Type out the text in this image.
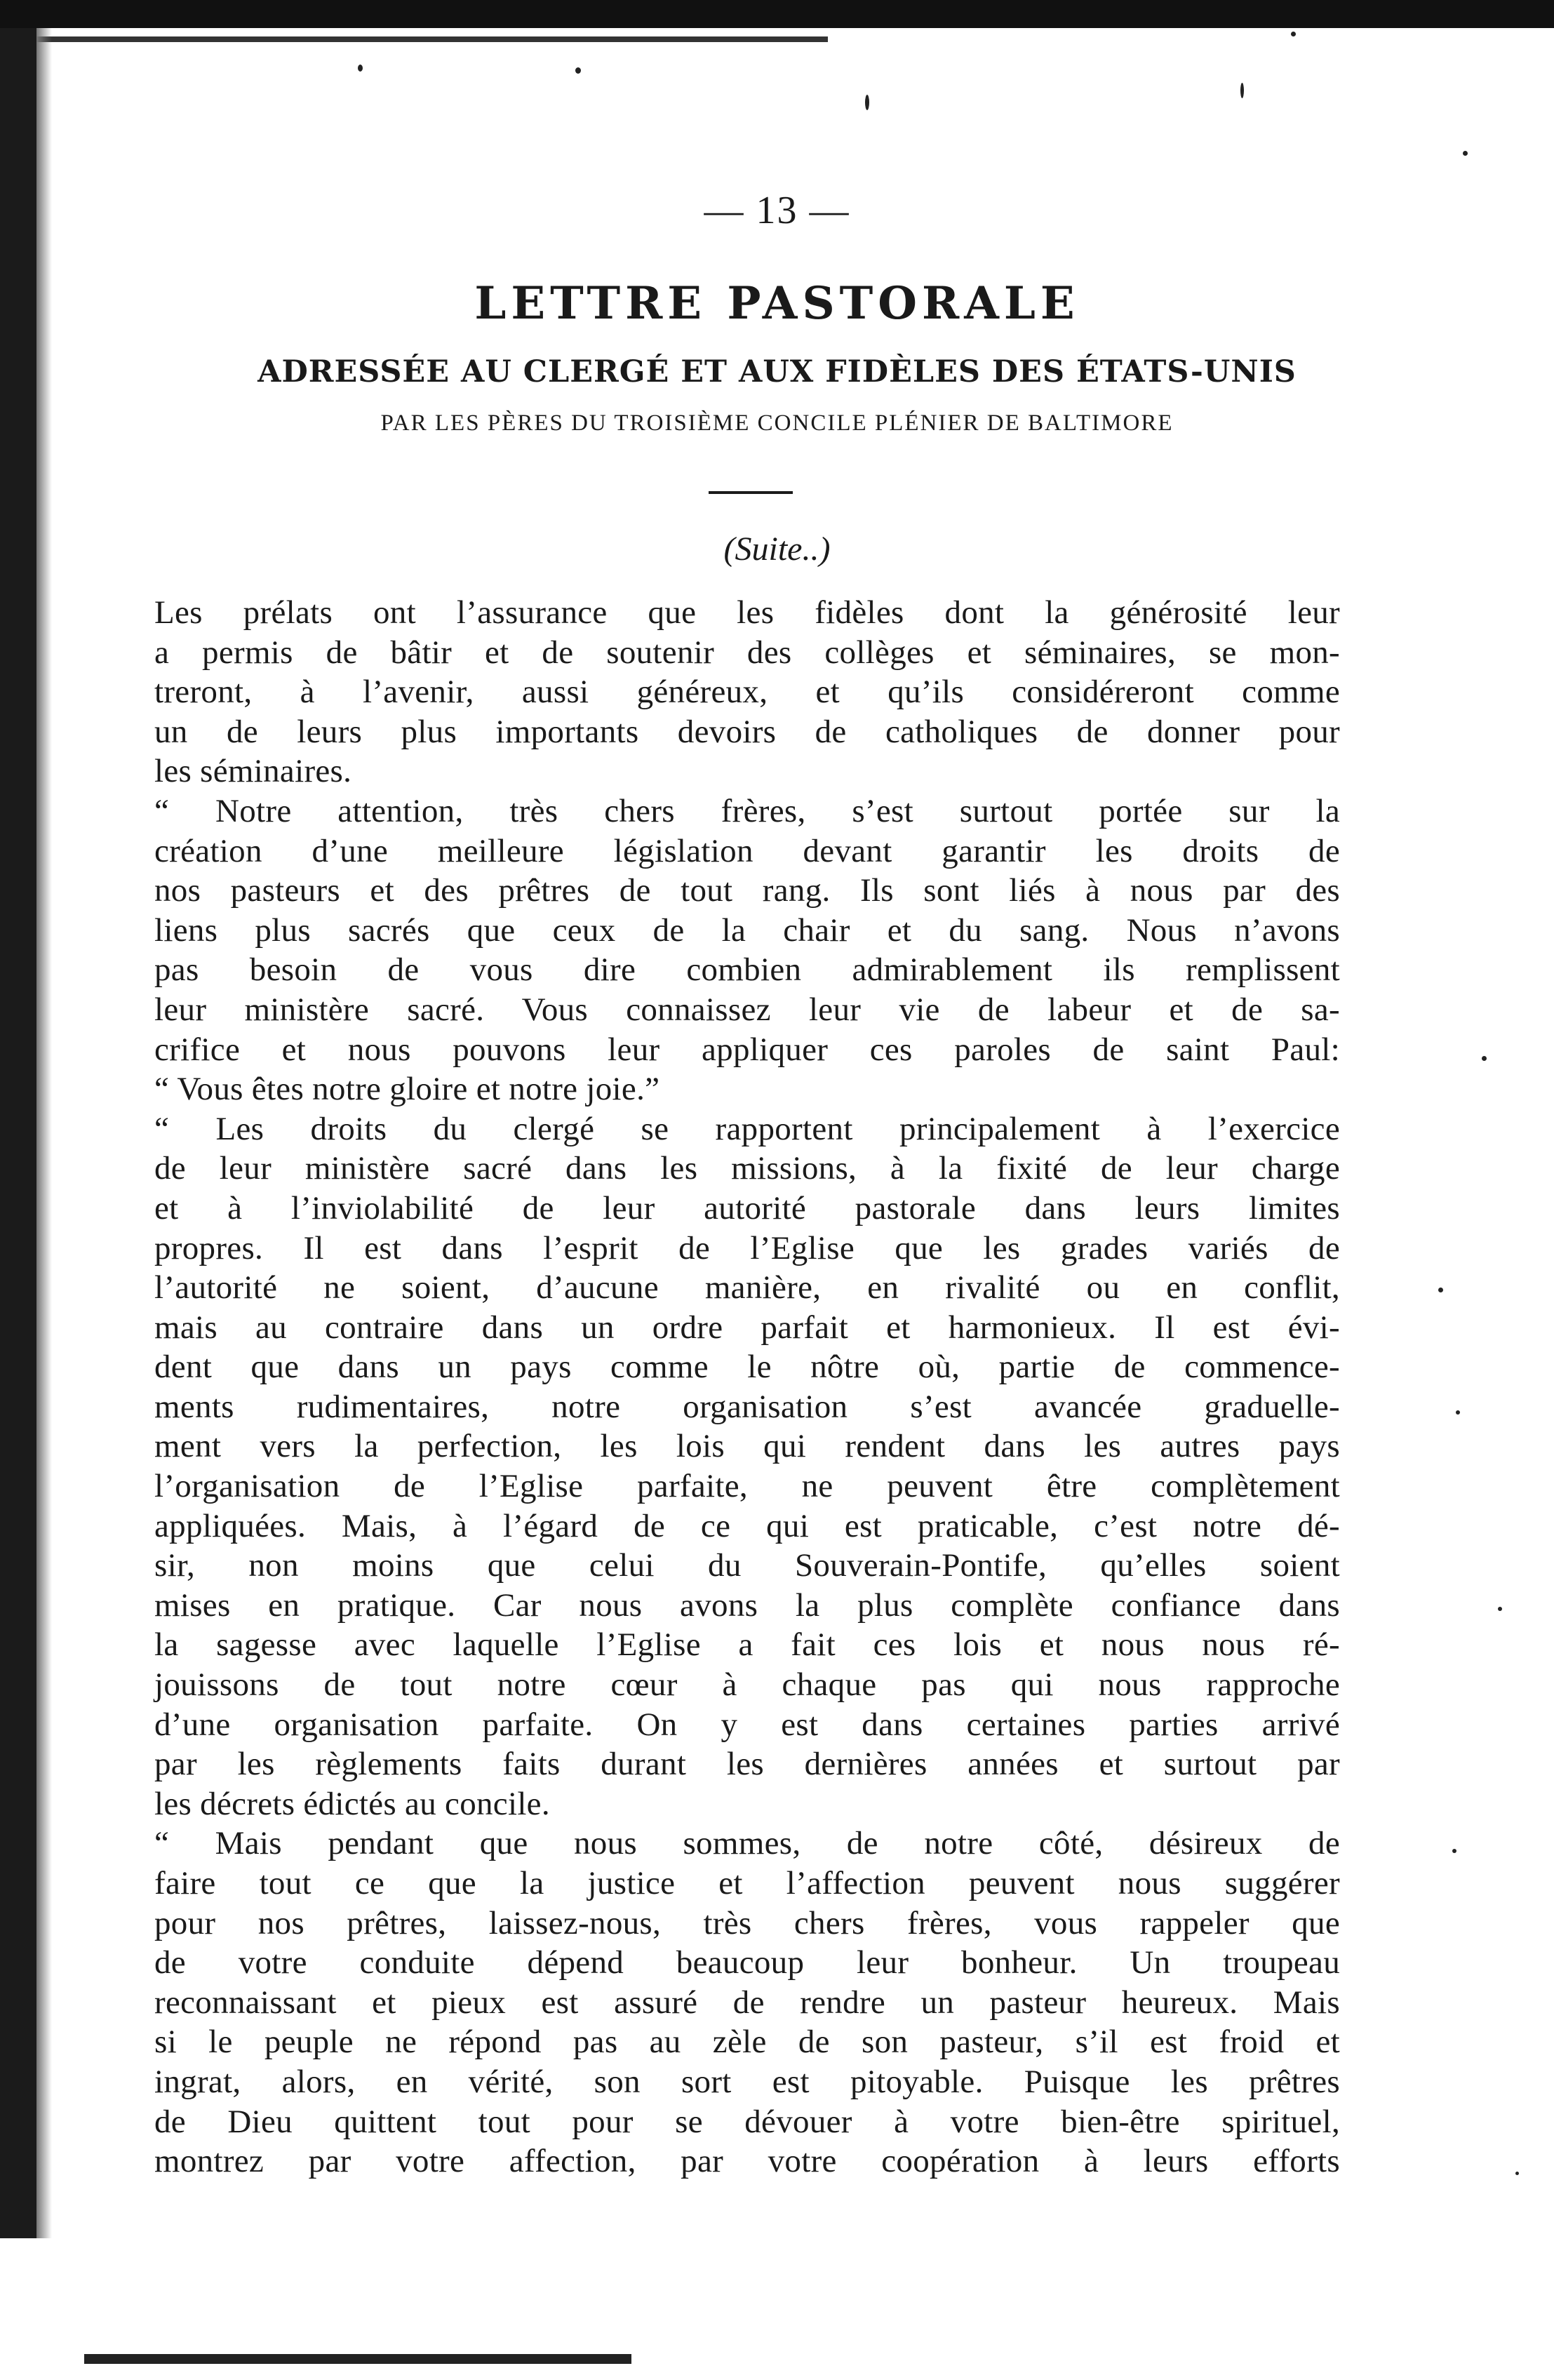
— 13 —
LETTRE PASTORALE
ADRESSÉE AU CLERGÉ ET AUX FIDÈLES DES ÉTATS-UNIS
PAR LES PÈRES DU TROISIÈME CONCILE PLÉNIER DE BALTIMORE
(Suite..)
Les prélats ont l’assurance que les fidèles dont la générosité leur
a permis de bâtir et de soutenir des collèges et séminaires, se mon-
treront, à l’avenir, aussi généreux, et qu’ils considéreront comme
un de leurs plus importants devoirs de catholiques de donner pour
les séminaires.
“ Notre attention, très chers frères, s’est surtout portée sur la
création d’une meilleure législation devant garantir les droits de
nos pasteurs et des prêtres de tout rang. Ils sont liés à nous par des
liens plus sacrés que ceux de la chair et du sang. Nous n’avons
pas besoin de vous dire combien admirablement ils remplissent
leur ministère sacré. Vous connaissez leur vie de labeur et de sa-
crifice et nous pouvons leur appliquer ces paroles de saint Paul:
“ Vous êtes notre gloire et notre joie.”
“ Les droits du clergé se rapportent principalement à l’exercice
de leur ministère sacré dans les missions, à la fixité de leur charge
et à l’inviolabilité de leur autorité pastorale dans leurs limites
propres. Il est dans l’esprit de l’Eglise que les grades variés de
l’autorité ne soient, d’aucune manière, en rivalité ou en conflit,
mais au contraire dans un ordre parfait et harmonieux. Il est évi-
dent que dans un pays comme le nôtre où, partie de commence-
ments rudimentaires, notre organisation s’est avancée graduelle-
ment vers la perfection, les lois qui rendent dans les autres pays
l’organisation de l’Eglise parfaite, ne peuvent être complètement
appliquées. Mais, à l’égard de ce qui est praticable, c’est notre dé-
sir, non moins que celui du Souverain-Pontife, qu’elles soient
mises en pratique. Car nous avons la plus complète confiance dans
la sagesse avec laquelle l’Eglise a fait ces lois et nous nous ré-
jouissons de tout notre cœur à chaque pas qui nous rapproche
d’une organisation parfaite. On y est dans certaines parties arrivé
par les règlements faits durant les dernières années et surtout par
les décrets édictés au concile.
“ Mais pendant que nous sommes, de notre côté, désireux de
faire tout ce que la justice et l’affection peuvent nous suggérer
pour nos prêtres, laissez-nous, très chers frères, vous rappeler que
de votre conduite dépend beaucoup leur bonheur. Un troupeau
reconnaissant et pieux est assuré de rendre un pasteur heureux. Mais
si le peuple ne répond pas au zèle de son pasteur, s’il est froid et
ingrat, alors, en vérité, son sort est pitoyable. Puisque les prêtres
de Dieu quittent tout pour se dévouer à votre bien-être spirituel,
montrez par votre affection, par votre coopération à leurs efforts
